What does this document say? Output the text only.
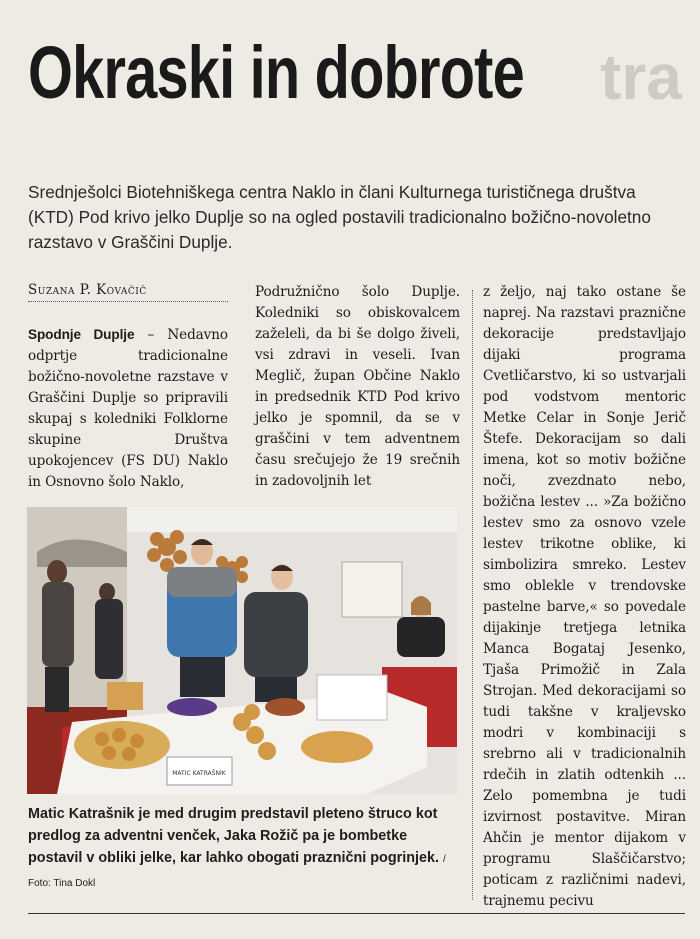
tra
Okraski in dobrote
Srednješolci Biotehniškega centra Naklo in člani Kulturnega turističnega društva (KTD) Pod krivo jelko Duplje so na ogled postavili tradicionalno božično-novoletno razstavo v Graščini Duplje.
Suzana P. Kovačič

Spodnje Duplje – Nedavno odprtje tradicionalne božično-novoletne razstave v Graščini Duplje so pripravili skupaj s koledniki Folklorne skupine Društva upokojencev (FS DU) Naklo in Osnovno šolo Naklo,

Podružnično šolo Duplje. Koledniki so obiskovalcem zaželeli, da bi še dolgo živeli, vsi zdravi in veseli. Ivan Meglič, župan Občine Naklo in predsednik KTD Pod krivo jelko je spomnil, da se v graščini v tem adventnem času srečujejo že 19 srečnih in zadovoljnih let

z željo, naj tako ostane še naprej. Na razstavi praznične dekoracije predstavljajo dijaki programa Cvetličarstvo, ki so ustvarjali pod vodstvom mentoric Metke Celar in Sonje Jerič Štefe. Dekoracijam so dali imena, kot so motiv božične noči, zvezdnato nebo, božična lestev ... »Za božično lestev smo za osnovo vzele lestev trikotne oblike, ki simbolizira smreko. Lestev smo oblekle v trendovske pastelne barve,« so povedale dijakinje tretjega letnika Manca Bogataj Jesenko, Tjaša Primožič in Zala Strojan. Med dekoracijami so tudi takšne v kraljevsko modri v kombinaciji s srebrno ali v tradicionalnih rdečih in zlatih odtenkih ... Zelo pomembna je tudi izvirnost postavitve. Miran Ahčin je mentor dijakom v programu Slaščičarstvo; poticam z različnimi nadevi, trajnemu pecivu

MATIC KATRAŠNIK
Matic Katrašnik je med drugim predstavil pleteno štruco kot predlog za adventni venček, Jaka Rožič pa je bombetke postavil v obliki jelke, kar lahko obogati praznični pogrinjek. / Foto: Tina Dokl
